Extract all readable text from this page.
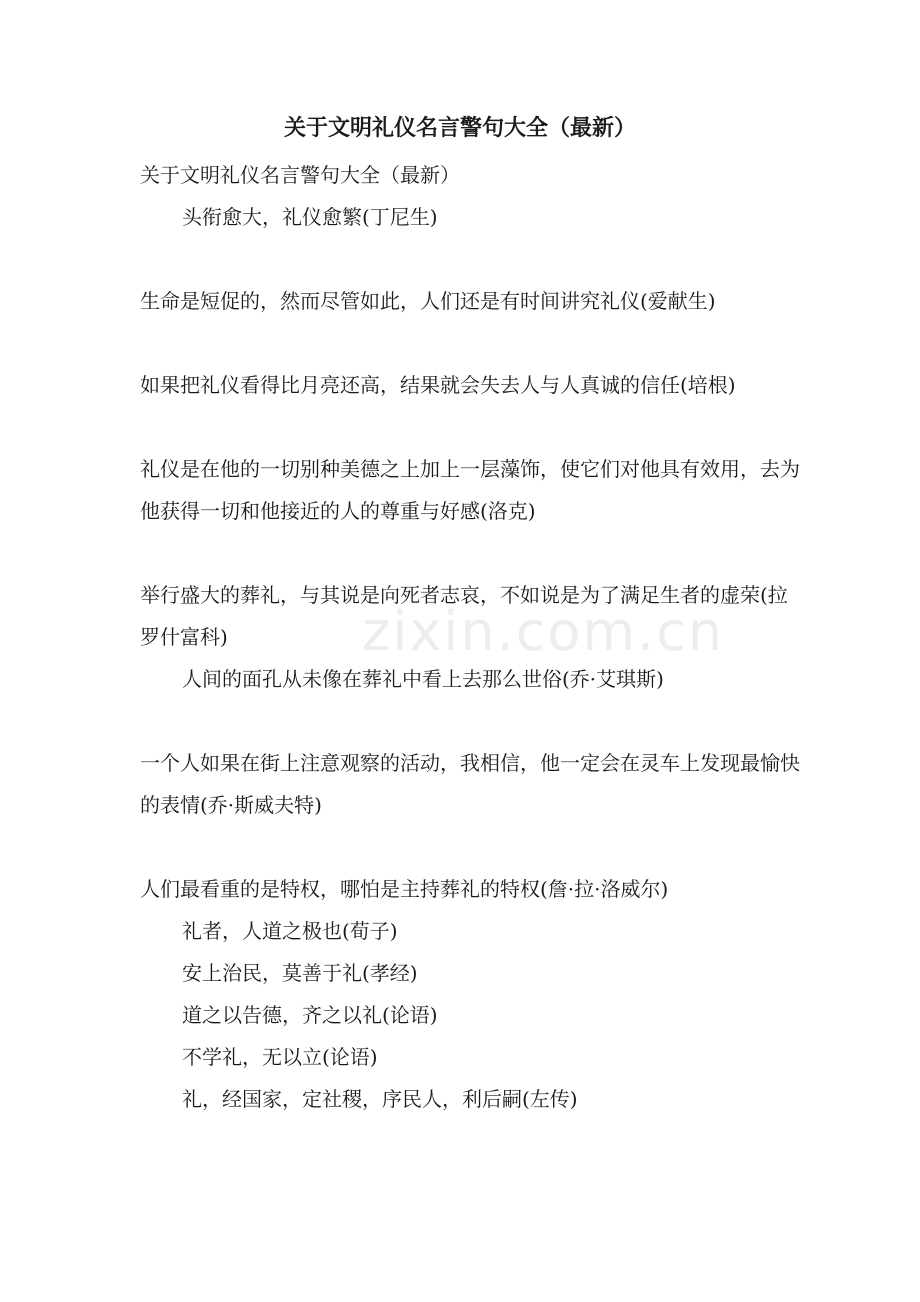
关于文明礼仪名言警句大全（最新）

关于文明礼仪名言警句大全（最新）

头衔愈大，礼仪愈繁(丁尼生)

生命是短促的，然而尽管如此，人们还是有时间讲究礼仪(爱献生)

如果把礼仪看得比月亮还高，结果就会失去人与人真诚的信任(培根)

礼仪是在他的一切别种美德之上加上一层藻饰，使它们对他具有效用，去为他获得一切和他接近的人的尊重与好感(洛克)

举行盛大的葬礼，与其说是向死者志哀，不如说是为了满足生者的虚荣(拉罗什富科)

人间的面孔从未像在葬礼中看上去那么世俗(乔·艾琪斯)

一个人如果在街上注意观察的活动，我相信，他一定会在灵车上发现最愉快的表情(乔·斯威夫特)

人们最看重的是特权，哪怕是主持葬礼的特权(詹·拉·洛威尔)

礼者，人道之极也(荀子)

安上治民，莫善于礼(孝经)

道之以告德，齐之以礼(论语)

不学礼，无以立(论语)

礼，经国家，定社稷，序民人，利后嗣(左传)

zixin.com.cn
